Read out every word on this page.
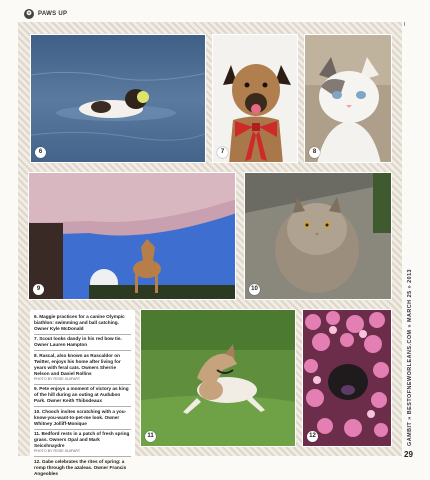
❂	PAWS UP
6	7	8
9	10
6. Maggie practices for a canine Olympic biathlon: swimming and ball catching. Owner Kyle McDonald
7. Scout looks dandy in his red bow tie. Owner Lauren Hampton
8. Rascal, also known as Rascaldor on Twitter, enjoys his home after living for years with feral cats. Owners Sherrie Nelson and Daniel Rollins
PHOTO BY ROSE GUIFART
9. Pete enjoys a moment of victory as king of the hill during an outing at Audubon Park. Owner Keith Thibodeaux
10. Chooch invites scratching with a you-know-you-want-to-pet-me look. Owner Whitney Jolliff-Monique
11. Bedford rests in a patch of fresh spring grass. Owners Opal and Mark Seicshnaydre
PHOTO BY ROSE GUIFART
12. Gabe celebrates the rites of spring: a romp through the azaleas. Owner Francis Angeobles
11	12	GAMBIT » BESTOFNEWORLEANS.COM » MARCH 25 » 2013
29
